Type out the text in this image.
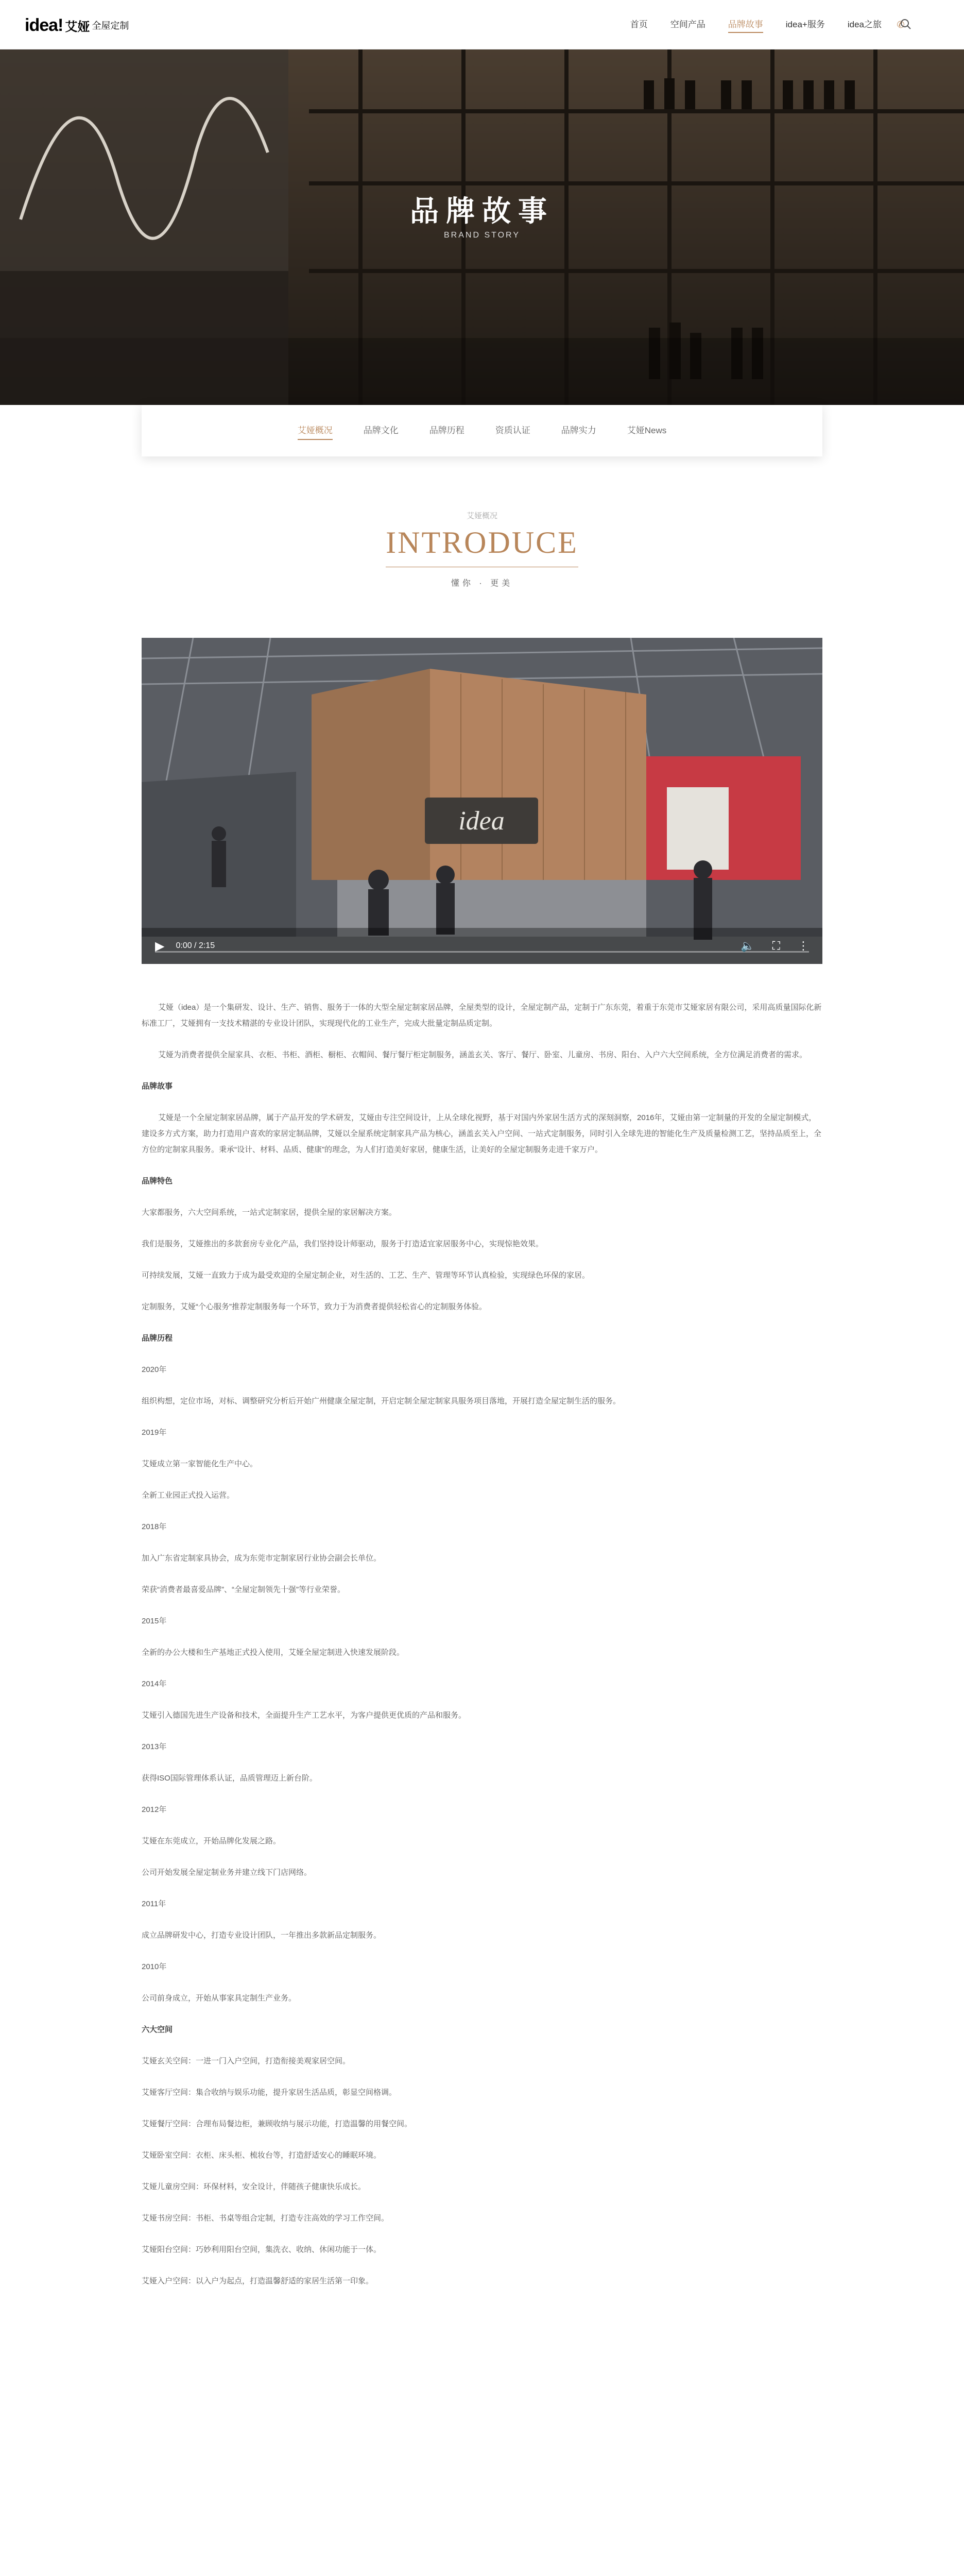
idea! 艾娅 全屋定制	首页	空间产品	品牌故事	idea+服务	idea之旅	✆
品牌故事
BRAND STORY
艾娅概况	品牌文化	品牌历程	资质认证	品牌实力	艾娅News
艾娅概况
INTRODUCE
懂你 · 更美
idea
▶ 0:00 / 2:15	🔈 ⛶ ⋮

艾娅（idea）是一个集研发、设计、生产、销售、服务于一体的大型全屋定制家居品牌，全屋类型的设计，全屋定制产品，定制于广东东莞，着重于东莞市艾娅家居有限公司，采用高质量国际化新标准工厂，艾娅拥有一支技术精湛的专业设计团队，实现现代化的工业生产，完成大批量定制品质定制。

艾娅为消费者提供全屋家具、衣柜、书柜、酒柜、橱柜、衣帽间、餐厅餐厅柜定制服务，涵盖玄关、客厅、餐厅、卧室、儿童房、书房、阳台、入户六大空间系统，全方位满足消费者的需求。

品牌故事

艾娅是一个全屋定制家居品牌，属于产品开发的学术研发，艾娅由专注空间设计，上从全球化视野，基于对国内外家居生活方式的深刻洞察，2016年，艾娅由第一定制量的开发的全屋定制模式，建设多方式方案，助力打造用户喜欢的家居定制品牌，艾娅以全屋系统定制家具产品为核心，涵盖玄关入户空间、一站式定制服务，同时引入全球先进的智能化生产及质量检测工艺，坚持品质至上，全方位的定制家具服务。秉承“设计、材料、品质、健康”的理念，为人们打造美好家居，健康生活，让美好的全屋定制服务走进千家万户。

品牌特色

大家都服务，六大空间系统，一站式定制家居，提供全屋的家居解决方案。

我们是服务，艾娅推出的多款套房专业化产品，我们坚持设计师驱动，服务于打造适宜家居服务中心，实现惊艳效果。

可持续发展，艾娅一直致力于成为最受欢迎的全屋定制企业，对生活的、工艺、生产、管理等环节认真检验，实现绿色环保的家居。

定制服务，艾娅“个心服务”推荐定制服务每一个环节，致力于为消费者提供轻松省心的定制服务体验。

品牌历程

2020年

组织构想，定位市场，对标、调整研究分析后开始广州健康全屋定制，开启定制全屋定制家具服务项目落地，开展打造全屋定制生活的服务。

2019年

艾娅成立第一家智能化生产中心。

全新工业园正式投入运营。

2018年

加入广东省定制家具协会，成为东莞市定制家居行业协会副会长单位。

荣获“消费者最喜爱品牌”、“全屋定制领先十强”等行业荣誉。

2015年

全新的办公大楼和生产基地正式投入使用，艾娅全屋定制进入快速发展阶段。

2014年

艾娅引入德国先进生产设备和技术，全面提升生产工艺水平，为客户提供更优质的产品和服务。

2013年

获得ISO国际管理体系认证，品质管理迈上新台阶。

2012年

艾娅在东莞成立，开始品牌化发展之路。

公司开始发展全屋定制业务并建立线下门店网络。

2011年

成立品牌研发中心，打造专业设计团队，一年推出多款新品定制服务。

2010年

公司前身成立，开始从事家具定制生产业务。

六大空间

艾娅玄关空间：一进一门入户空间，打造衔接美观家居空间。

艾娅客厅空间：集合收纳与娱乐功能，提升家居生活品质，彰显空间格调。

艾娅餐厅空间：合理布局餐边柜，兼顾收纳与展示功能，打造温馨的用餐空间。

艾娅卧室空间：衣柜、床头柜、梳妆台等，打造舒适安心的睡眠环境。

艾娅儿童房空间：环保材料，安全设计，伴随孩子健康快乐成长。

艾娅书房空间：书柜、书桌等组合定制，打造专注高效的学习工作空间。

艾娅阳台空间：巧妙利用阳台空间，集洗衣、收纳、休闲功能于一体。

艾娅入户空间：以入户为起点，打造温馨舒适的家居生活第一印象。
